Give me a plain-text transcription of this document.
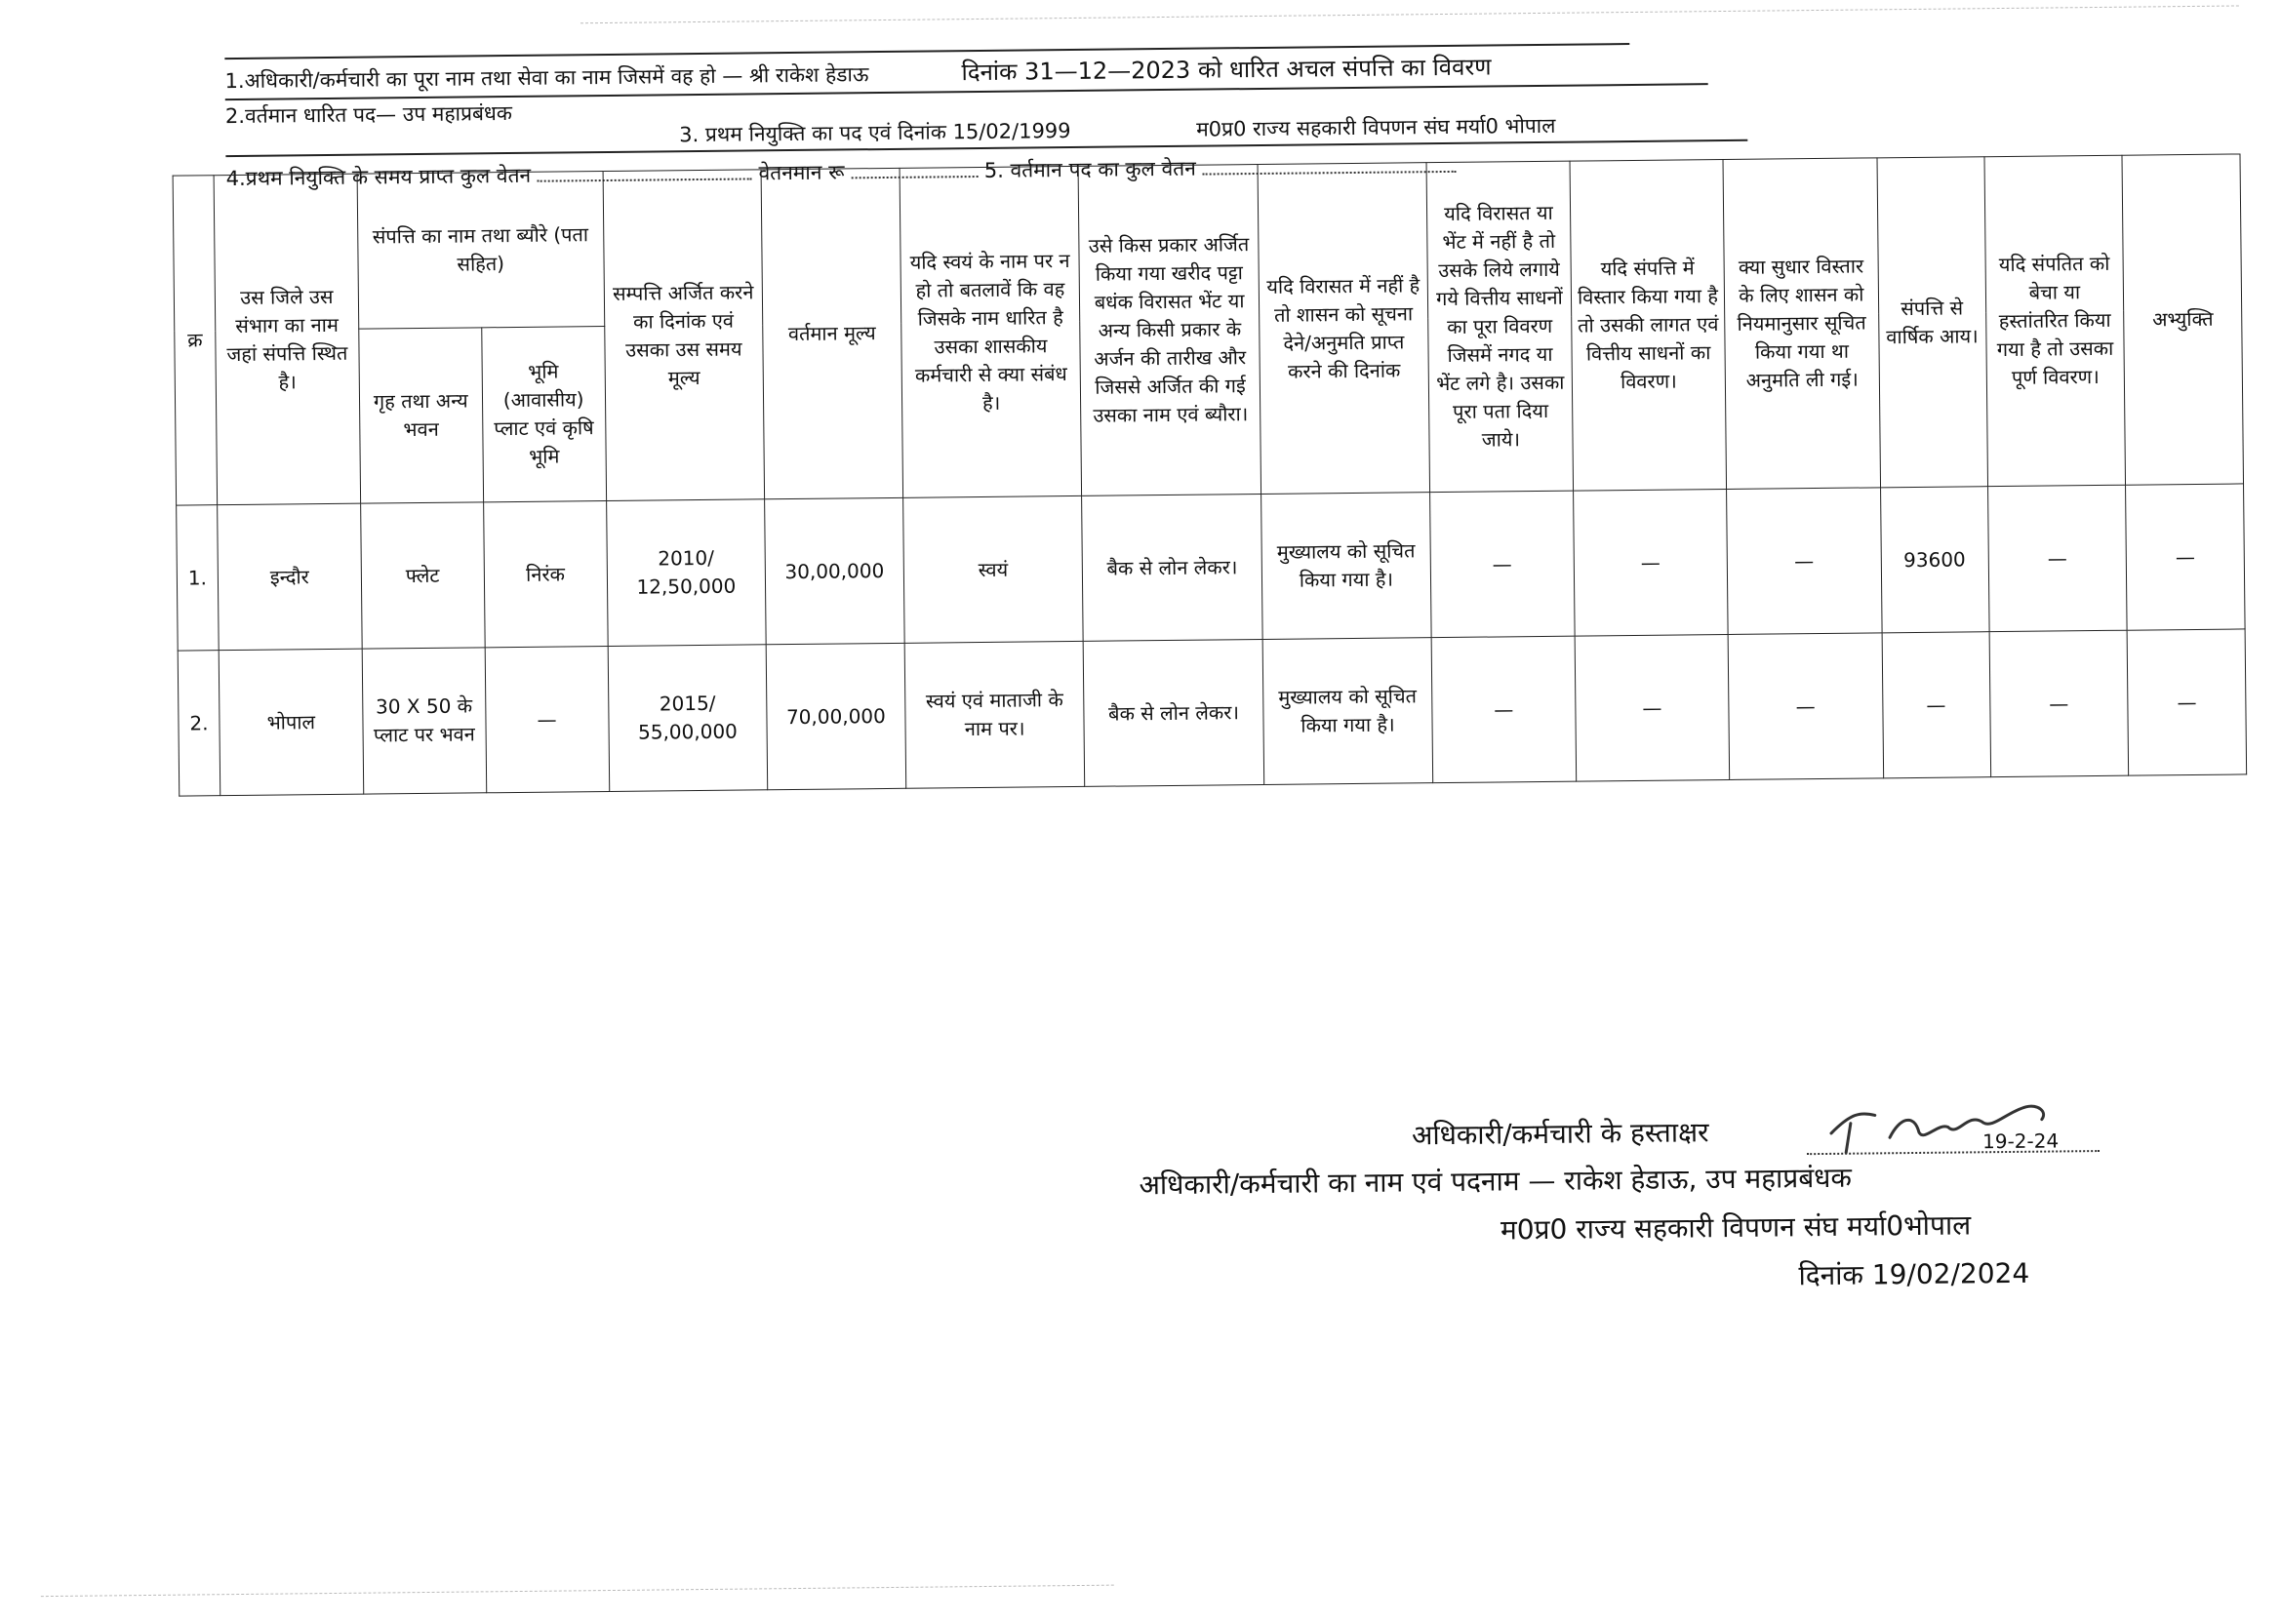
दिनांक 31—12—2023 को धारित अचल संपत्ति का विवरण
1.अधिकारी/कर्मचारी का पूरा नाम तथा सेवा का नाम जिसमें वह हो — श्री राकेश हेडाऊ
2.वर्तमान धारित पद— उप महाप्रबंधक
3. प्रथम नियुक्ति का पद एवं दिनांक 15/02/1999	म0प्र0 राज्य सहकारी विपणन संघ मर्या0 भोपाल
4.प्रथम नियुक्ति के समय प्राप्त कुल वेतन	वेतनमान रू	5. वर्तमान पद का कुल वेतन
क्र	उस जिले उस संभाग का नाम जहां संपत्ति स्थित है।	संपत्ति का नाम तथा ब्यौरे (पता सहित)		सम्पत्ति अर्जित करने का दिनांक एवं उसका उस समय मूल्य	वर्तमान मूल्य	यदि स्वयं के नाम पर न हो तो बतलावें कि वह जिसके नाम धारित है उसका शासकीय कर्मचारी से क्या संबंध है।	उसे किस प्रकार अर्जित किया गया खरीद पट्टा बधंक विरासत भेंट या अन्य किसी प्रकार के अर्जन की तारीख और जिससे अर्जित की गई उसका नाम एवं ब्यौरा।	यदि विरासत में नहीं है तो शासन को सूचना देने/अनुमति प्राप्त करने की दिनांक	यदि विरासत या भेंट में नहीं है तो उसके लिये लगाये गये वित्तीय साधनों का पूरा विवरण जिसमें नगद या भेंट लगे है। उसका पूरा पता दिया जाये।	यदि संपत्ति में विस्तार किया गया है तो उसकी लागत एवं वित्तीय साधनों का विवरण।	क्या सुधार विस्तार के लिए शासन को नियमानुसार सूचित किया गया था अनुमति ली गई।	संपत्ति से वार्षिक आय।	यदि संपतित को बेचा या हस्तांतरित किया गया है तो उसका पूर्ण विवरण।	अभ्युक्ति
		गृह तथा अन्य भवन	भूमि (आवासीय) प्लाट एवं कृषि भूमि											
1.	इन्दौर	फ्लेट	निरंक	2010/ 12,50,000	30,00,000	स्वयं	बैक से लोन लेकर।	मुख्यालय को सूचित किया गया है।	—	—	—	93600	—	—
2.	भोपाल	30 X 50 के प्लाट पर भवन	—	2015/ 55,00,000	70,00,000	स्वयं एवं माताजी के नाम पर।	बैक से लोन लेकर।	मुख्यालय को सूचित किया गया है।	—	—	—	—	—	—
अधिकारी/कर्मचारी के हस्ताक्षर	19-2-24
अधिकारी/कर्मचारी का नाम एवं पदनाम — राकेश हेडाऊ, उप महाप्रबंधक
म0प्र0 राज्य सहकारी विपणन संघ मर्या0भोपाल
दिनांक 19/02/2024
